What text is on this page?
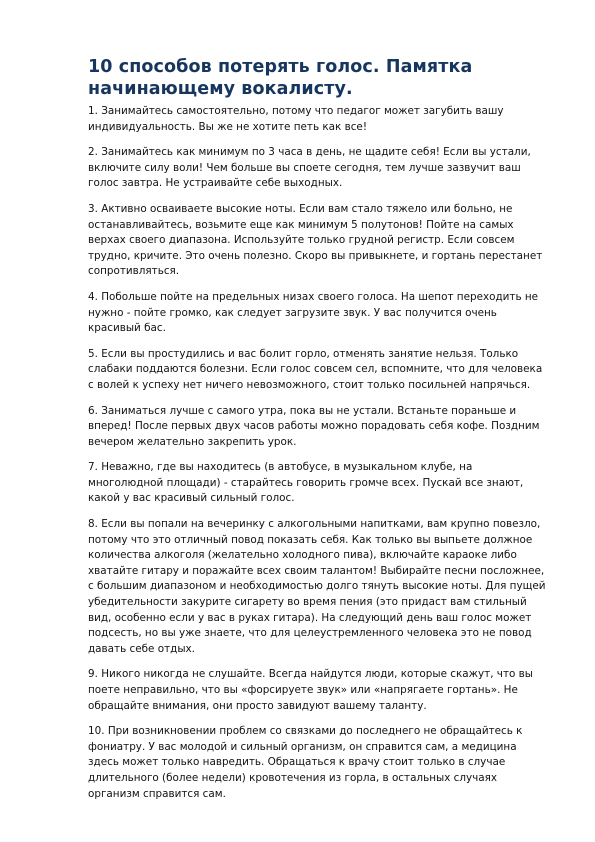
10 способов потерять голос. Памятка начинающему вокалисту.

1. Занимайтесь самостоятельно, потому что педагог может загубить вашу индивидуальность. Вы же не хотите петь как все!

2. Занимайтесь как минимум по 3 часа в день, не щадите себя! Если вы устали, включите силу воли! Чем больше вы споете сегодня, тем лучше зазвучит ваш голос завтра. Не устраивайте себе выходных.

3. Активно осваиваете высокие ноты. Если вам стало тяжело или больно, не останавливайтесь, возьмите еще как минимум 5 полутонов! Пойте на самых верхах своего диапазона. Используйте только грудной регистр. Если совсем трудно, кричите. Это очень полезно. Скоро вы привыкнете, и гортань перестанет сопротивляться.

4. Побольше пойте на предельных низах своего голоса. На шепот переходить не нужно - пойте громко, как следует загрузите звук. У вас получится очень красивый бас.

5. Если вы простудились и вас болит горло, отменять занятие нельзя. Только слабаки поддаются болезни. Если голос совсем сел, вспомните, что для человека с волей к успеху нет ничего невозможного, стоит только посильней напрячься.

6. Заниматься лучше с самого утра, пока вы не устали. Встаньте пораньше и вперед! После первых двух часов работы можно порадовать себя кофе. Поздним вечером желательно закрепить урок.

7. Неважно, где вы находитесь (в автобусе, в музыкальном клубе, на многолюдной площади) - старайтесь говорить громче всех. Пускай все знают, какой у вас красивый сильный голос.

8. Если вы попали на вечеринку с алкогольными напитками, вам крупно повезло, потому что это отличный повод показать себя. Как только вы выпьете должное количества алкоголя (желательно холодного пива), включайте караоке либо хватайте гитару и поражайте всех своим талантом! Выбирайте песни посложнее, с большим диапазоном и необходимостью долго тянуть высокие ноты. Для пущей убедительности закурите сигарету во время пения (это придаст вам стильный вид, особенно если у вас в руках гитара). На следующий день ваш голос может подсесть, но вы уже знаете, что для целеустремленного человека это не повод давать себе отдых.

9. Никого никогда не слушайте. Всегда найдутся люди, которые скажут, что вы поете неправильно, что вы «форсируете звук» или «напрягаете гортань». Не обращайте внимания, они просто завидуют вашему таланту.

10. При возникновении проблем со связками до последнего не обращайтесь к фониатру. У вас молодой и сильный организм, он справится сам, а медицина здесь может только навредить. Обращаться к врачу стоит только в случае длительного (более недели) кровотечения из горла, в остальных случаях организм справится сам.
